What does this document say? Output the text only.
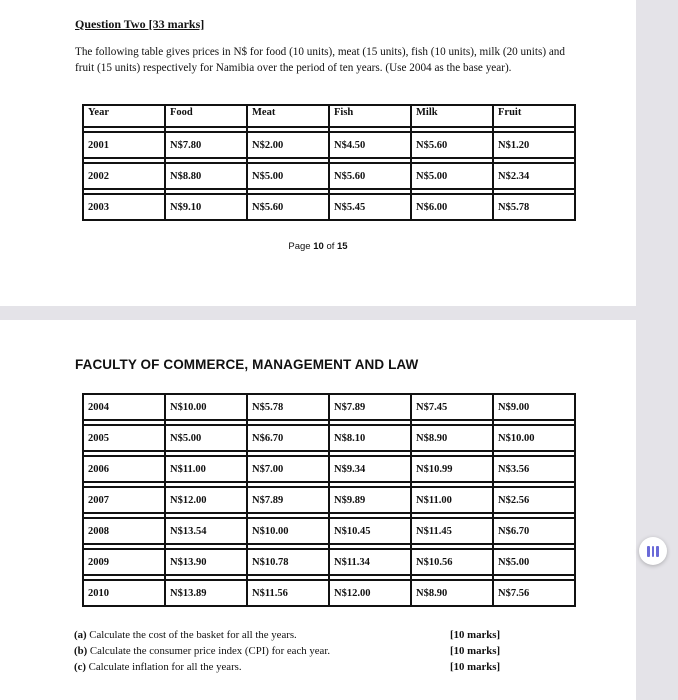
Question Two [33 marks]
The following table gives prices in N$ for food (10 units), meat (15 units), fish (10 units), milk (20 units) and fruit (15 units) respectively for Namibia over the period of ten years. (Use 2004 as the base year).
Year	Food	Meat	Fish	Milk	Fruit

2001	N$7.80	N$2.00	N$4.50	N$5.60	N$1.20

2002	N$8.80	N$5.00	N$5.60	N$5.00	N$2.34

2003	N$9.10	N$5.60	N$5.45	N$6.00	N$5.78
Page 10 of 15
FACULTY OF COMMERCE, MANAGEMENT AND LAW
2004	N$10.00	N$5.78	N$7.89	N$7.45	N$9.00

2005	N$5.00	N$6.70	N$8.10	N$8.90	N$10.00

2006	N$11.00	N$7.00	N$9.34	N$10.99	N$3.56

2007	N$12.00	N$7.89	N$9.89	N$11.00	N$2.56

2008	N$13.54	N$10.00	N$10.45	N$11.45	N$6.70

2009	N$13.90	N$10.78	N$11.34	N$10.56	N$5.00

2010	N$13.89	N$11.56	N$12.00	N$8.90	N$7.56
(a) Calculate the cost of the basket for all the years.
(b) Calculate the consumer price index (CPI) for each year.
(c) Calculate inflation for all the years.
[10 marks]
[10 marks]
[10 marks]
